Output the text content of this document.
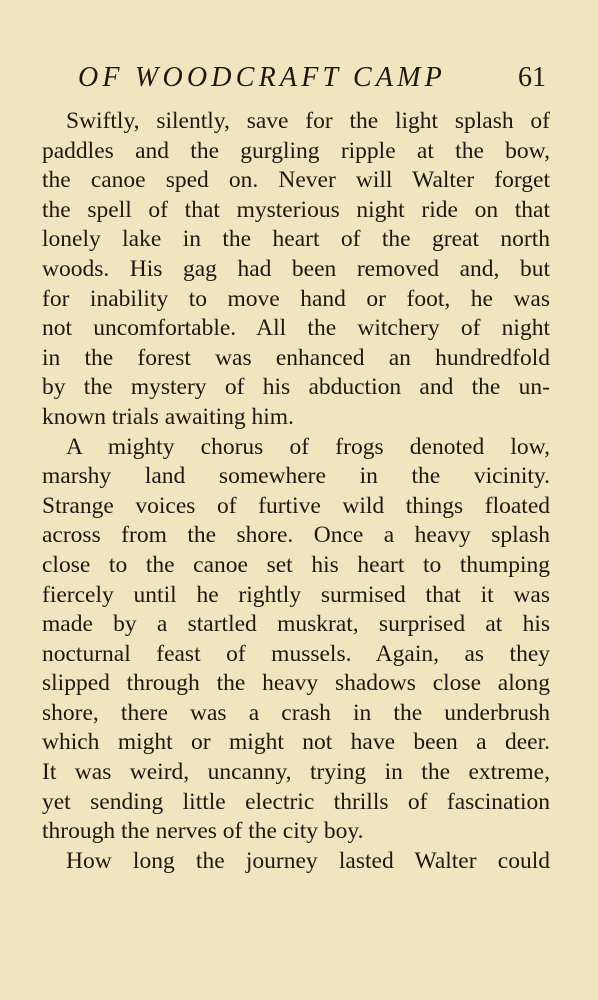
OF WOODCRAFT CAMP	61

Swiftly, silently, save for the light splash of
paddles and the gurgling ripple at the bow,
the canoe sped on. Never will Walter forget
the spell of that mysterious night ride on that
lonely lake in the heart of the great north
woods. His gag had been removed and, but
for inability to move hand or foot, he was
not uncomfortable. All the witchery of night
in the forest was enhanced an hundredfold
by the mystery of his abduction and the un-
known trials awaiting him.

A mighty chorus of frogs denoted low,
marshy land somewhere in the vicinity.
Strange voices of furtive wild things floated
across from the shore. Once a heavy splash
close to the canoe set his heart to thumping
fiercely until he rightly surmised that it was
made by a startled muskrat, surprised at his
nocturnal feast of mussels. Again, as they
slipped through the heavy shadows close along
shore, there was a crash in the underbrush
which might or might not have been a deer.
It was weird, uncanny, trying in the extreme,
yet sending little electric thrills of fascination
through the nerves of the city boy.

How long the journey lasted Walter could
